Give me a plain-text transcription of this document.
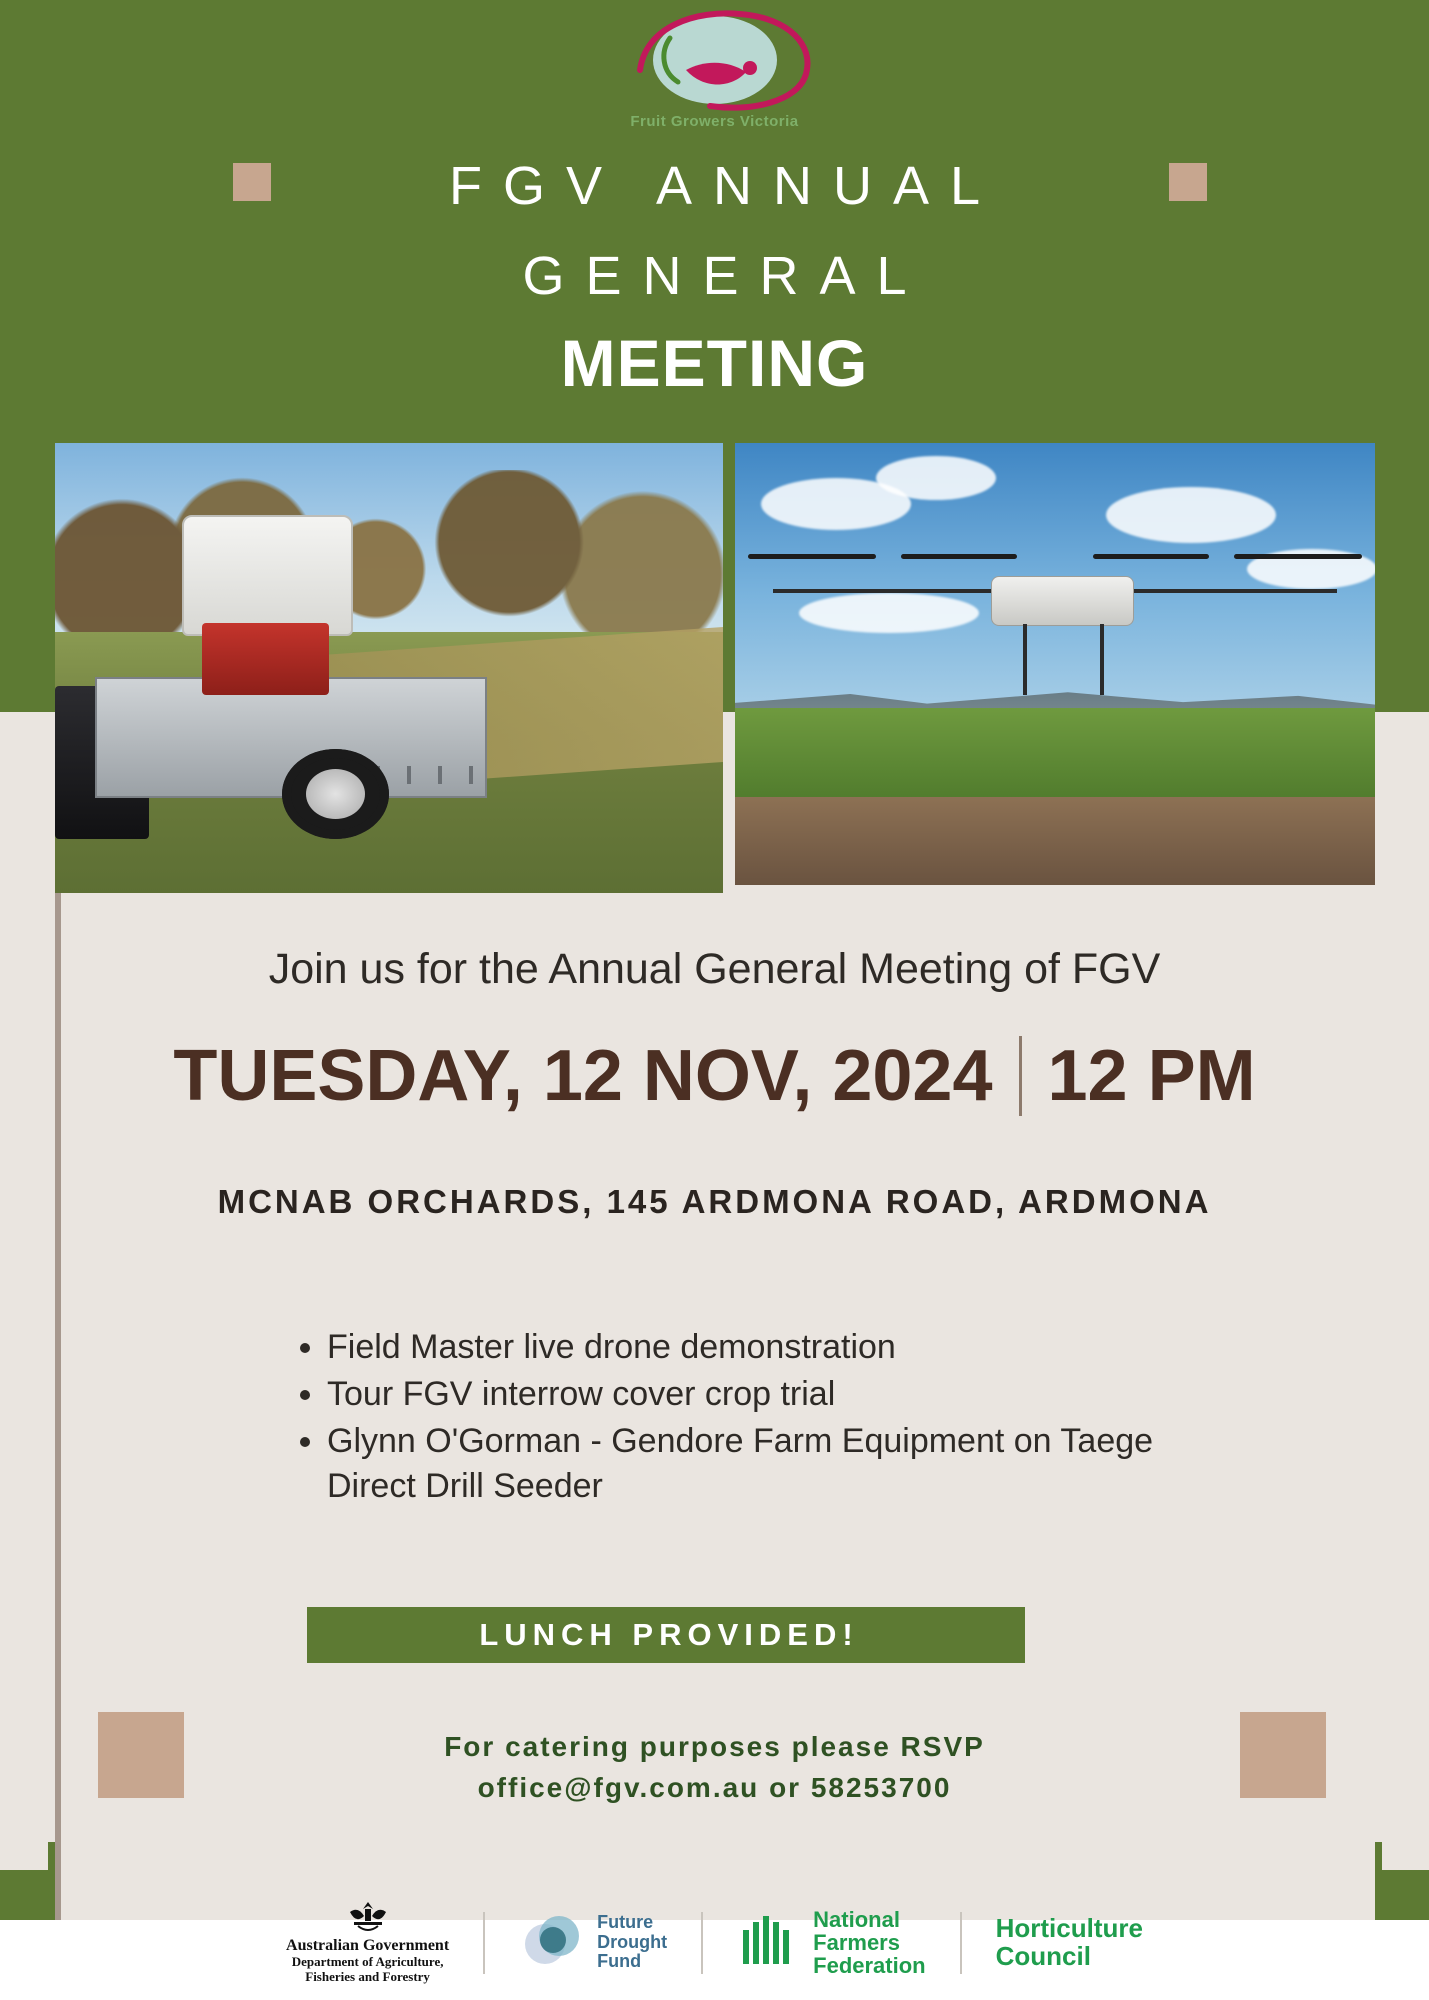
Fruit Growers Victoria
FGV ANNUAL
GENERAL
MEETING
Join us for the Annual General Meeting of FGV
TUESDAY, 12 NOV, 2024 12 PM
MCNAB ORCHARDS, 145 ARDMONA ROAD, ARDMONA
• Field Master live drone demonstration
• Tour FGV interrow cover crop trial
• Glynn O'Gorman - Gendore Farm Equipment on Taege Direct Drill Seeder
LUNCH PROVIDED!
For catering purposes please RSVP
office@fgv.com.au or 58253700
Australian Government
Department of Agriculture,
Fisheries and Forestry
Future
Drought
Fund
National
Farmers
Federation
Horticulture
Council
